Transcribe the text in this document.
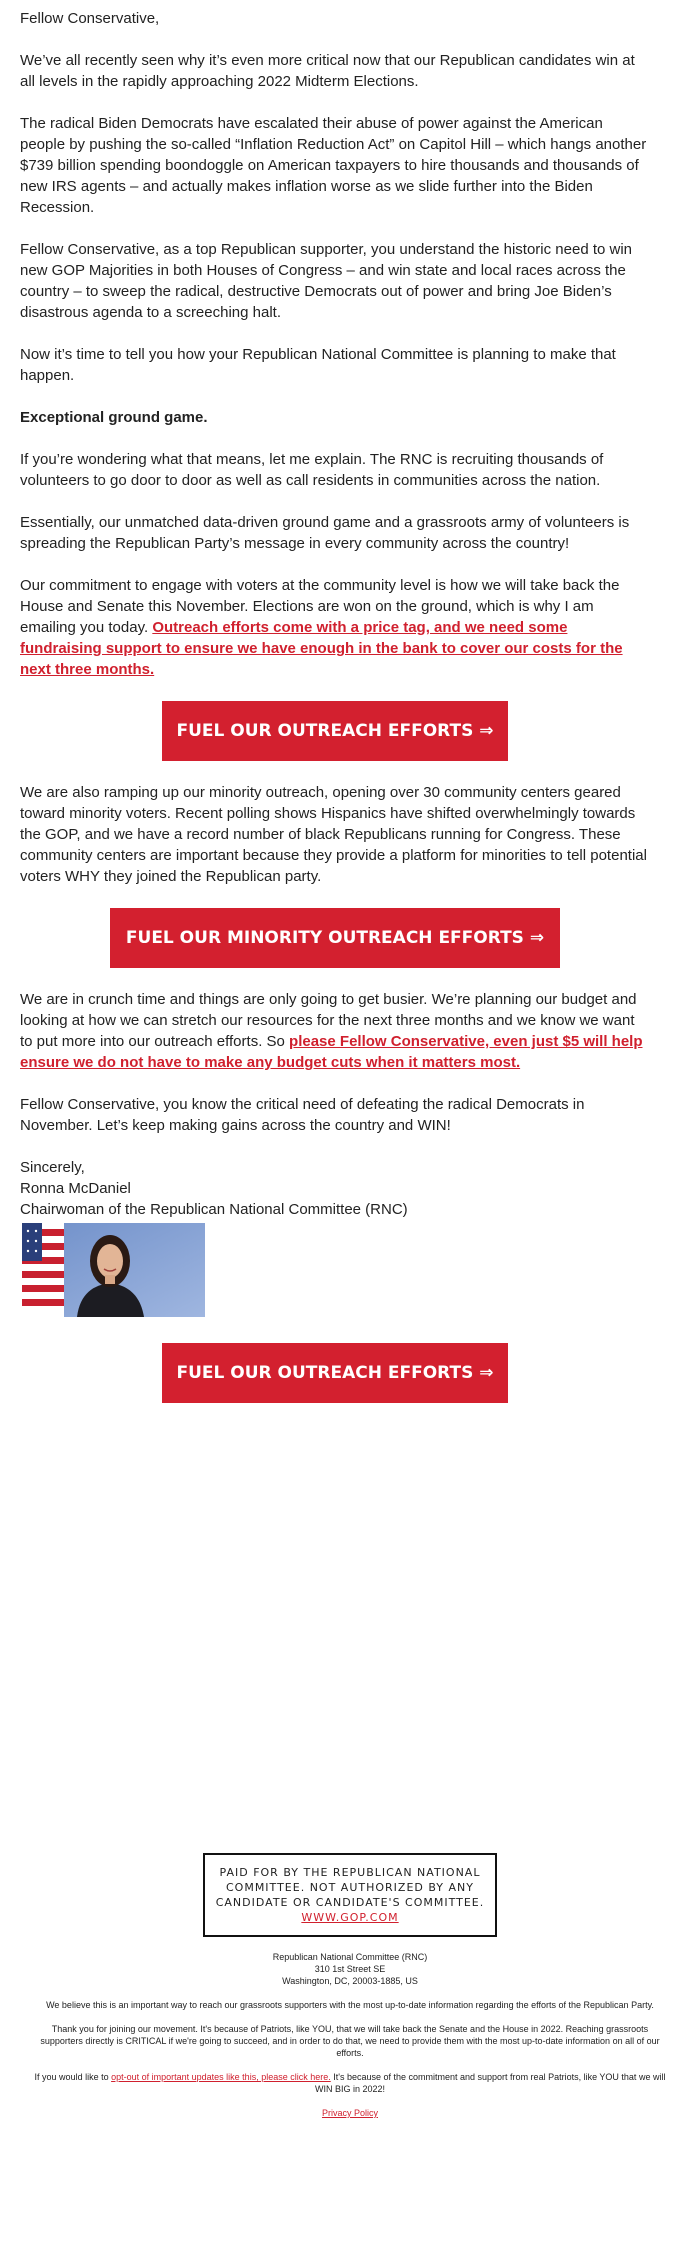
Fellow Conservative,

We’ve all recently seen why it’s even more critical now that our Republican candidates win at all levels in the rapidly approaching 2022 Midterm Elections.

The radical Biden Democrats have escalated their abuse of power against the American people by pushing the so-called “Inflation Reduction Act” on Capitol Hill – which hangs another $739 billion spending boondoggle on American taxpayers to hire thousands and thousands of new IRS agents – and actually makes inflation worse as we slide further into the Biden Recession.

Fellow Conservative, as a top Republican supporter, you understand the historic need to win new GOP Majorities in both Houses of Congress – and win state and local races across the country – to sweep the radical, destructive Democrats out of power and bring Joe Biden’s disastrous agenda to a screeching halt.

Now it’s time to tell you how your Republican National Committee is planning to make that happen.

Exceptional ground game.

If you’re wondering what that means, let me explain. The RNC is recruiting thousands of volunteers to go door to door as well as call residents in communities across the nation.

Essentially, our unmatched data-driven ground game and a grassroots army of volunteers is spreading the Republican Party’s message in every community across the country!

Our commitment to engage with voters at the community level is how we will take back the House and Senate this November. Elections are won on the ground, which is why I am emailing you today. Outreach efforts come with a price tag, and we need some fundraising support to ensure we have enough in the bank to cover our costs for the next three months.

FUEL OUR OUTREACH EFFORTS ⇒

We are also ramping up our minority outreach, opening over 30 community centers geared toward minority voters. Recent polling shows Hispanics have shifted overwhelmingly towards the GOP, and we have a record number of black Republicans running for Congress. These community centers are important because they provide a platform for minorities to tell potential voters WHY they joined the Republican party.

FUEL OUR MINORITY OUTREACH EFFORTS ⇒

We are in crunch time and things are only going to get busier. We’re planning our budget and looking at how we can stretch our resources for the next three months and we know we want to put more into our outreach efforts. So please Fellow Conservative, even just $5 will help ensure we do not have to make any budget cuts when it matters most.

Fellow Conservative, you know the critical need of defeating the radical Democrats in November. Let’s keep making gains across the country and WIN!

Sincerely,

Ronna McDaniel

Chairwoman of the Republican National Committee (RNC)

FUEL OUR OUTREACH EFFORTS ⇒
PAID FOR BY THE REPUBLICAN NATIONAL COMMITTEE. NOT AUTHORIZED BY ANY CANDIDATE OR CANDIDATE'S COMMITTEE.
WWW.GOP.COM
Republican National Committee (RNC)
310 1st Street SE
Washington, DC, 20003-1885, US

We believe this is an important way to reach our grassroots supporters with the most up-to-date information regarding the efforts of the Republican Party.

Thank you for joining our movement. It's because of Patriots, like YOU, that we will take back the Senate and the House in 2022. Reaching grassroots supporters directly is CRITICAL if we're going to succeed, and in order to do that, we need to provide them with the most up-to-date information on all of our efforts.

If you would like to opt-out of important updates like this, please click here. It's because of the commitment and support from real Patriots, like YOU that we will WIN BIG in 2022!

Privacy Policy
